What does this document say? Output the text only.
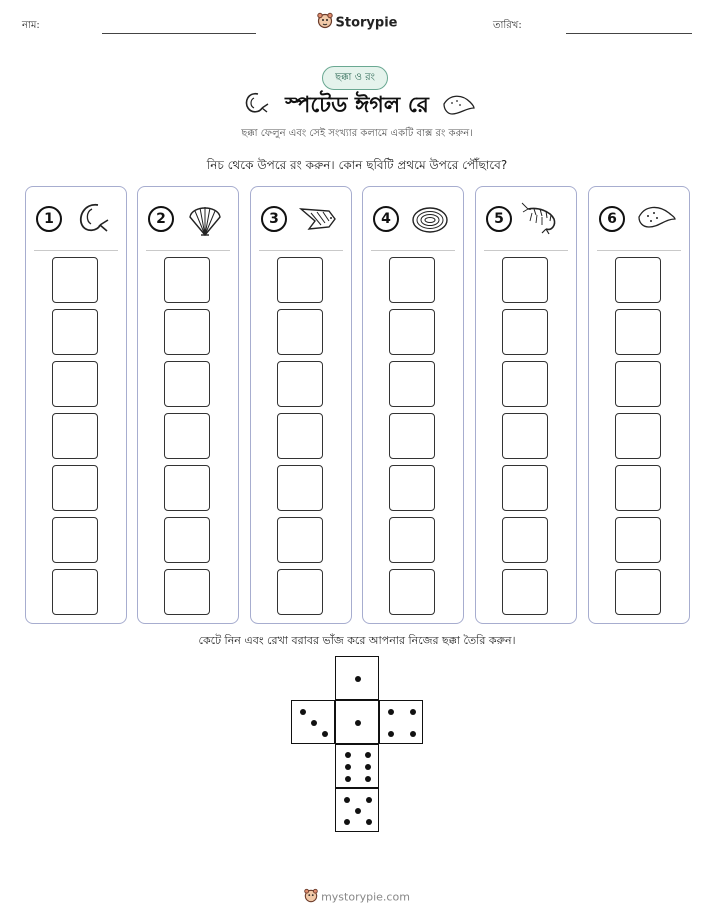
নাম:	Storypie	তারিখ:
ছক্কা ও রং
স্পটেড ঈগল রে
ছক্কা ফেলুন এবং সেই সংখ্যার কলামে একটি বাক্স রং করুন।
নিচ থেকে উপরে রং করুন। কোন ছবিটি প্রথমে উপরে পৌঁছাবে?
1	2	3	4	5	6
কেটে নিন এবং রেখা বরাবর ভাঁজ করে আপনার নিজের ছক্কা তৈরি করুন।
mystorypie.com
